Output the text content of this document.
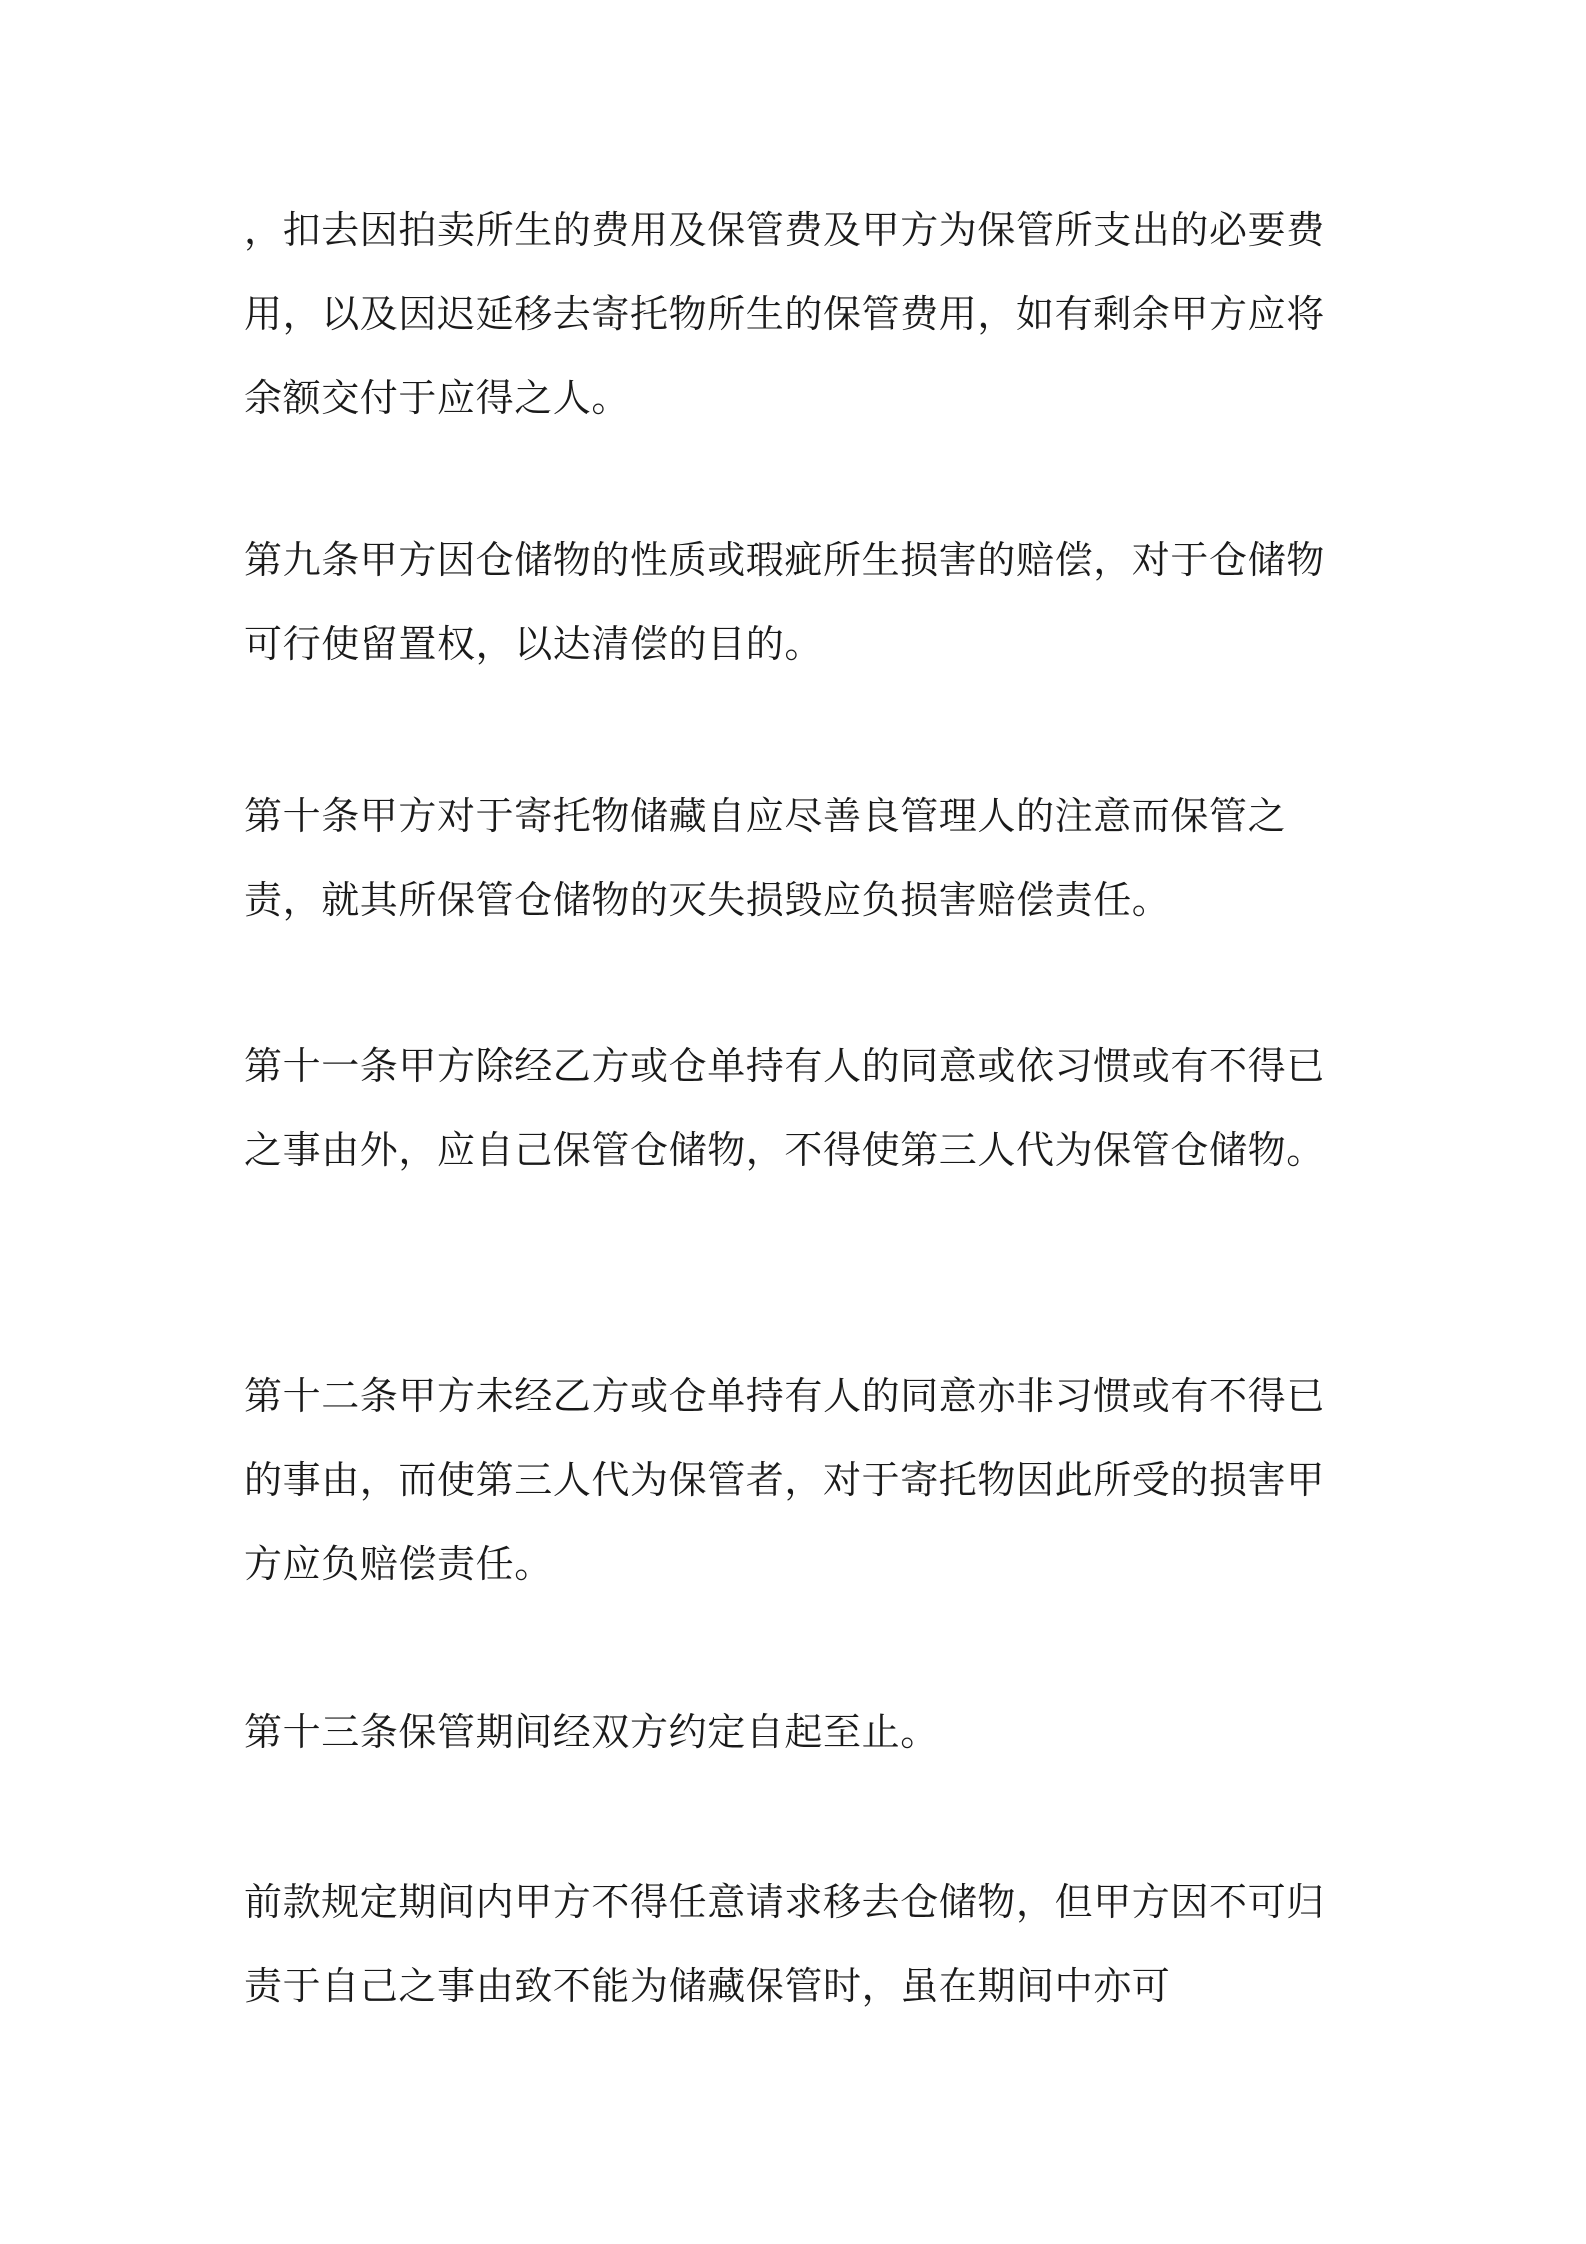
，扣去因拍卖所生的费用及保管费及甲方为保管所支出的必要费用，以及因迟延移去寄托物所生的保管费用，如有剩余甲方应将余额交付于应得之人。

第九条甲方因仓储物的性质或瑕疵所生损害的赔偿，对于仓储物可行使留置权，以达清偿的目的。

第十条甲方对于寄托物储藏自应尽善良管理人的注意而保管之责，就其所保管仓储物的灭失损毁应负损害赔偿责任。

第十一条甲方除经乙方或仓单持有人的同意或依习惯或有不得已之事由外，应自己保管仓储物，不得使第三人代为保管仓储物。

第十二条甲方未经乙方或仓单持有人的同意亦非习惯或有不得已的事由，而使第三人代为保管者，对于寄托物因此所受的损害甲方应负赔偿责任。

第十三条保管期间经双方约定自起至止。

前款规定期间内甲方不得任意请求移去仓储物，但甲方因不可归责于自己之事由致不能为储藏保管时，虽在期间中亦可
